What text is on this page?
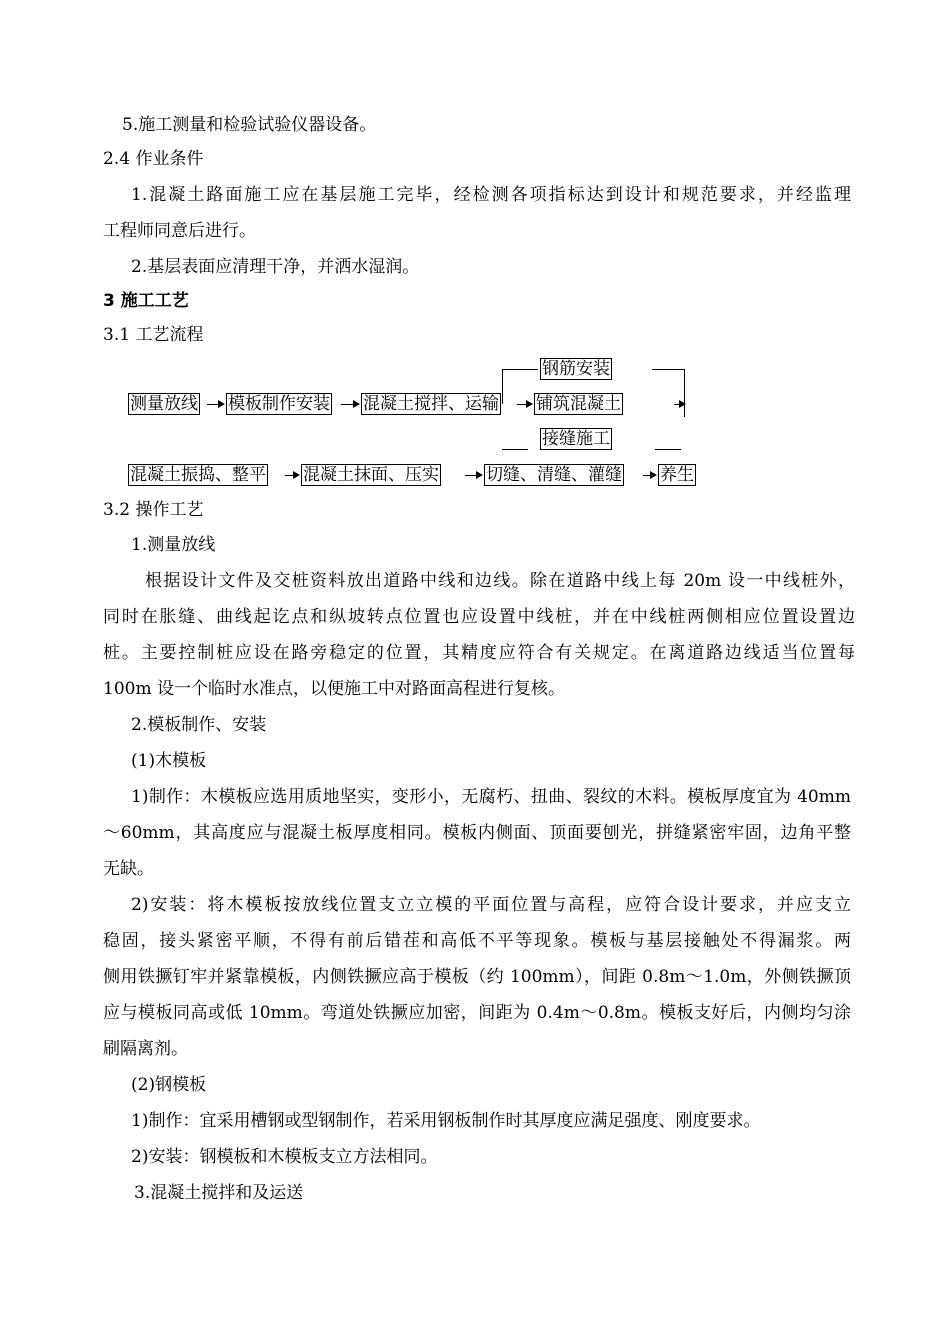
5.施工测量和检验试验仪器设备。
2.4 作业条件
1.混凝土路面施工应在基层施工完毕，经检测各项指标达到设计和规范要求，并经监理
工程师同意后进行。
2.基层表面应清理干净，并洒水湿润。
3 施工工艺
3.1 工艺流程
测量放线 模板制作安装 混凝土搅拌、运输 铺筑混凝土
钢筋安装
接缝施工
混凝土振捣、整平 混凝土抹面、压实	切缝、清缝、灌缝 养生
3.2 操作工艺
1.测量放线
根据设计文件及交桩资料放出道路中线和边线。除在道路中线上每 20m 设一中线桩外，
同时在胀缝、曲线起讫点和纵坡转点位置也应设置中线桩，并在中线桩两侧相应位置设置边
桩。主要控制桩应设在路旁稳定的位置，其精度应符合有关规定。在离道路边线适当位置每
100m 设一个临时水准点，以便施工中对路面高程进行复核。
2.模板制作、安装
(1)木模板
1)制作：木模板应选用质地坚实，变形小，无腐朽、扭曲、裂纹的木料。模板厚度宜为 40mm
～60mm，其高度应与混凝土板厚度相同。模板内侧面、顶面要刨光，拼缝紧密牢固，边角平整
无缺。
2)安装：将木模板按放线位置支立立模的平面位置与高程，应符合设计要求，并应支立
稳固，接头紧密平顺，不得有前后错茬和高低不平等现象。模板与基层接触处不得漏浆。两
侧用铁撅钉牢并紧靠模板，内侧铁撅应高于模板（约 100mm），间距 0.8m～1.0m，外侧铁撅顶
应与模板同高或低 10mm。弯道处铁撅应加密，间距为 0.4m～0.8m。模板支好后，内侧均匀涂
刷隔离剂。
(2)钢模板
1)制作：宜采用槽钢或型钢制作，若采用钢板制作时其厚度应满足强度、刚度要求。
2)安装：钢模板和木模板支立方法相同。
3.混凝土搅拌和及运送
